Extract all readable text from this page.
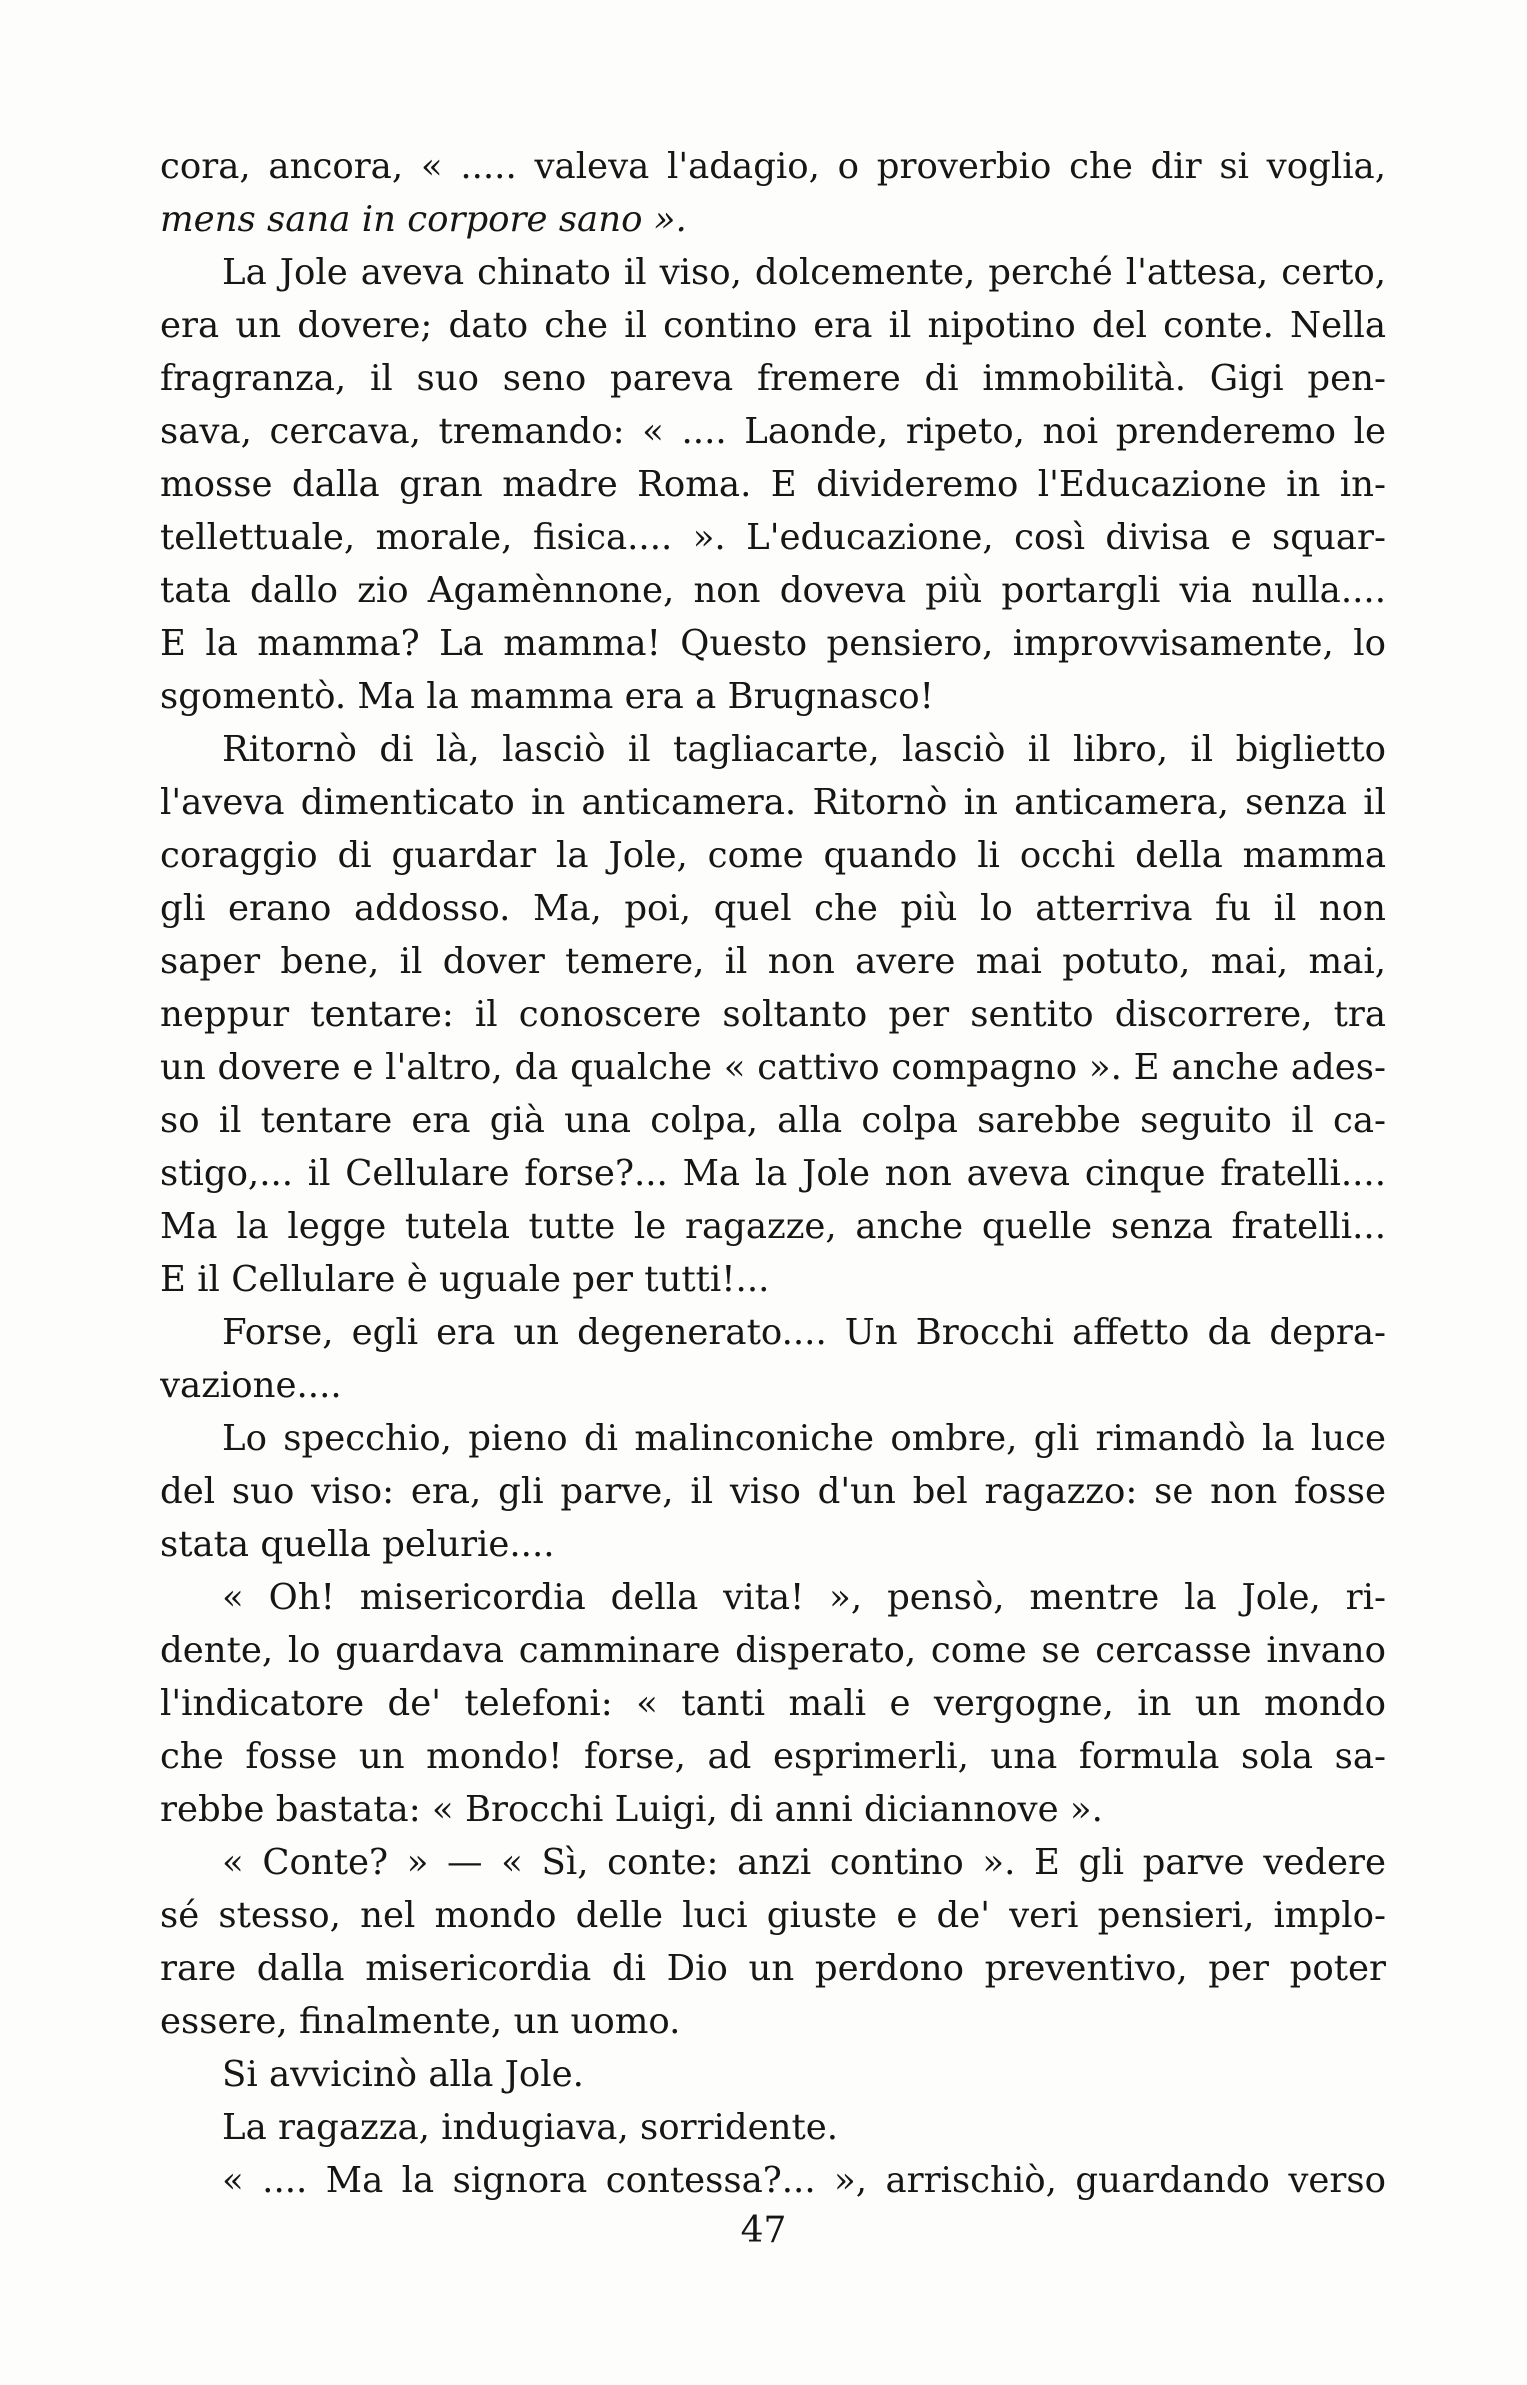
cora, ancora, « ..... valeva l'adagio, o proverbio che dir si voglia,
mens sana in corpore sano ».
La Jole aveva chinato il viso, dolcemente, perché l'attesa, certo,
era un dovere; dato che il contino era il nipotino del conte. Nella
fragranza, il suo seno pareva fremere di immobilità. Gigi pen-
sava, cercava, tremando: « .... Laonde, ripeto, noi prenderemo le
mosse dalla gran madre Roma. E divideremo l'Educazione in in-
tellettuale, morale, fisica.... ». L'educazione, così divisa e squar-
tata dallo zio Agamènnone, non doveva più portargli via nulla....
E la mamma? La mamma! Questo pensiero, improvvisamente, lo
sgomentò. Ma la mamma era a Brugnasco!
Ritornò di là, lasciò il tagliacarte, lasciò il libro, il biglietto
l'aveva dimenticato in anticamera. Ritornò in anticamera, senza il
coraggio di guardar la Jole, come quando li occhi della mamma
gli erano addosso. Ma, poi, quel che più lo atterriva fu il non
saper bene, il dover temere, il non avere mai potuto, mai, mai,
neppur tentare: il conoscere soltanto per sentito discorrere, tra
un dovere e l'altro, da qualche « cattivo compagno ». E anche ades-
so il tentare era già una colpa, alla colpa sarebbe seguito il ca-
stigo,... il Cellulare forse?... Ma la Jole non aveva cinque fratelli....
Ma la legge tutela tutte le ragazze, anche quelle senza fratelli...
E il Cellulare è uguale per tutti!...
Forse, egli era un degenerato.... Un Brocchi affetto da depra-
vazione....
Lo specchio, pieno di malinconiche ombre, gli rimandò la luce
del suo viso: era, gli parve, il viso d'un bel ragazzo: se non fosse
stata quella pelurie....
« Oh! misericordia della vita! », pensò, mentre la Jole, ri-
dente, lo guardava camminare disperato, come se cercasse invano
l'indicatore de' telefoni: « tanti mali e vergogne, in un mondo
che fosse un mondo! forse, ad esprimerli, una formula sola sa-
rebbe bastata: « Brocchi Luigi, di anni diciannove ».
« Conte? » — « Sì, conte: anzi contino ». E gli parve vedere
sé stesso, nel mondo delle luci giuste e de' veri pensieri, implo-
rare dalla misericordia di Dio un perdono preventivo, per poter
essere, finalmente, un uomo.
Si avvicinò alla Jole.
La ragazza, indugiava, sorridente.
« .... Ma la signora contessa?... », arrischiò, guardando verso
47
